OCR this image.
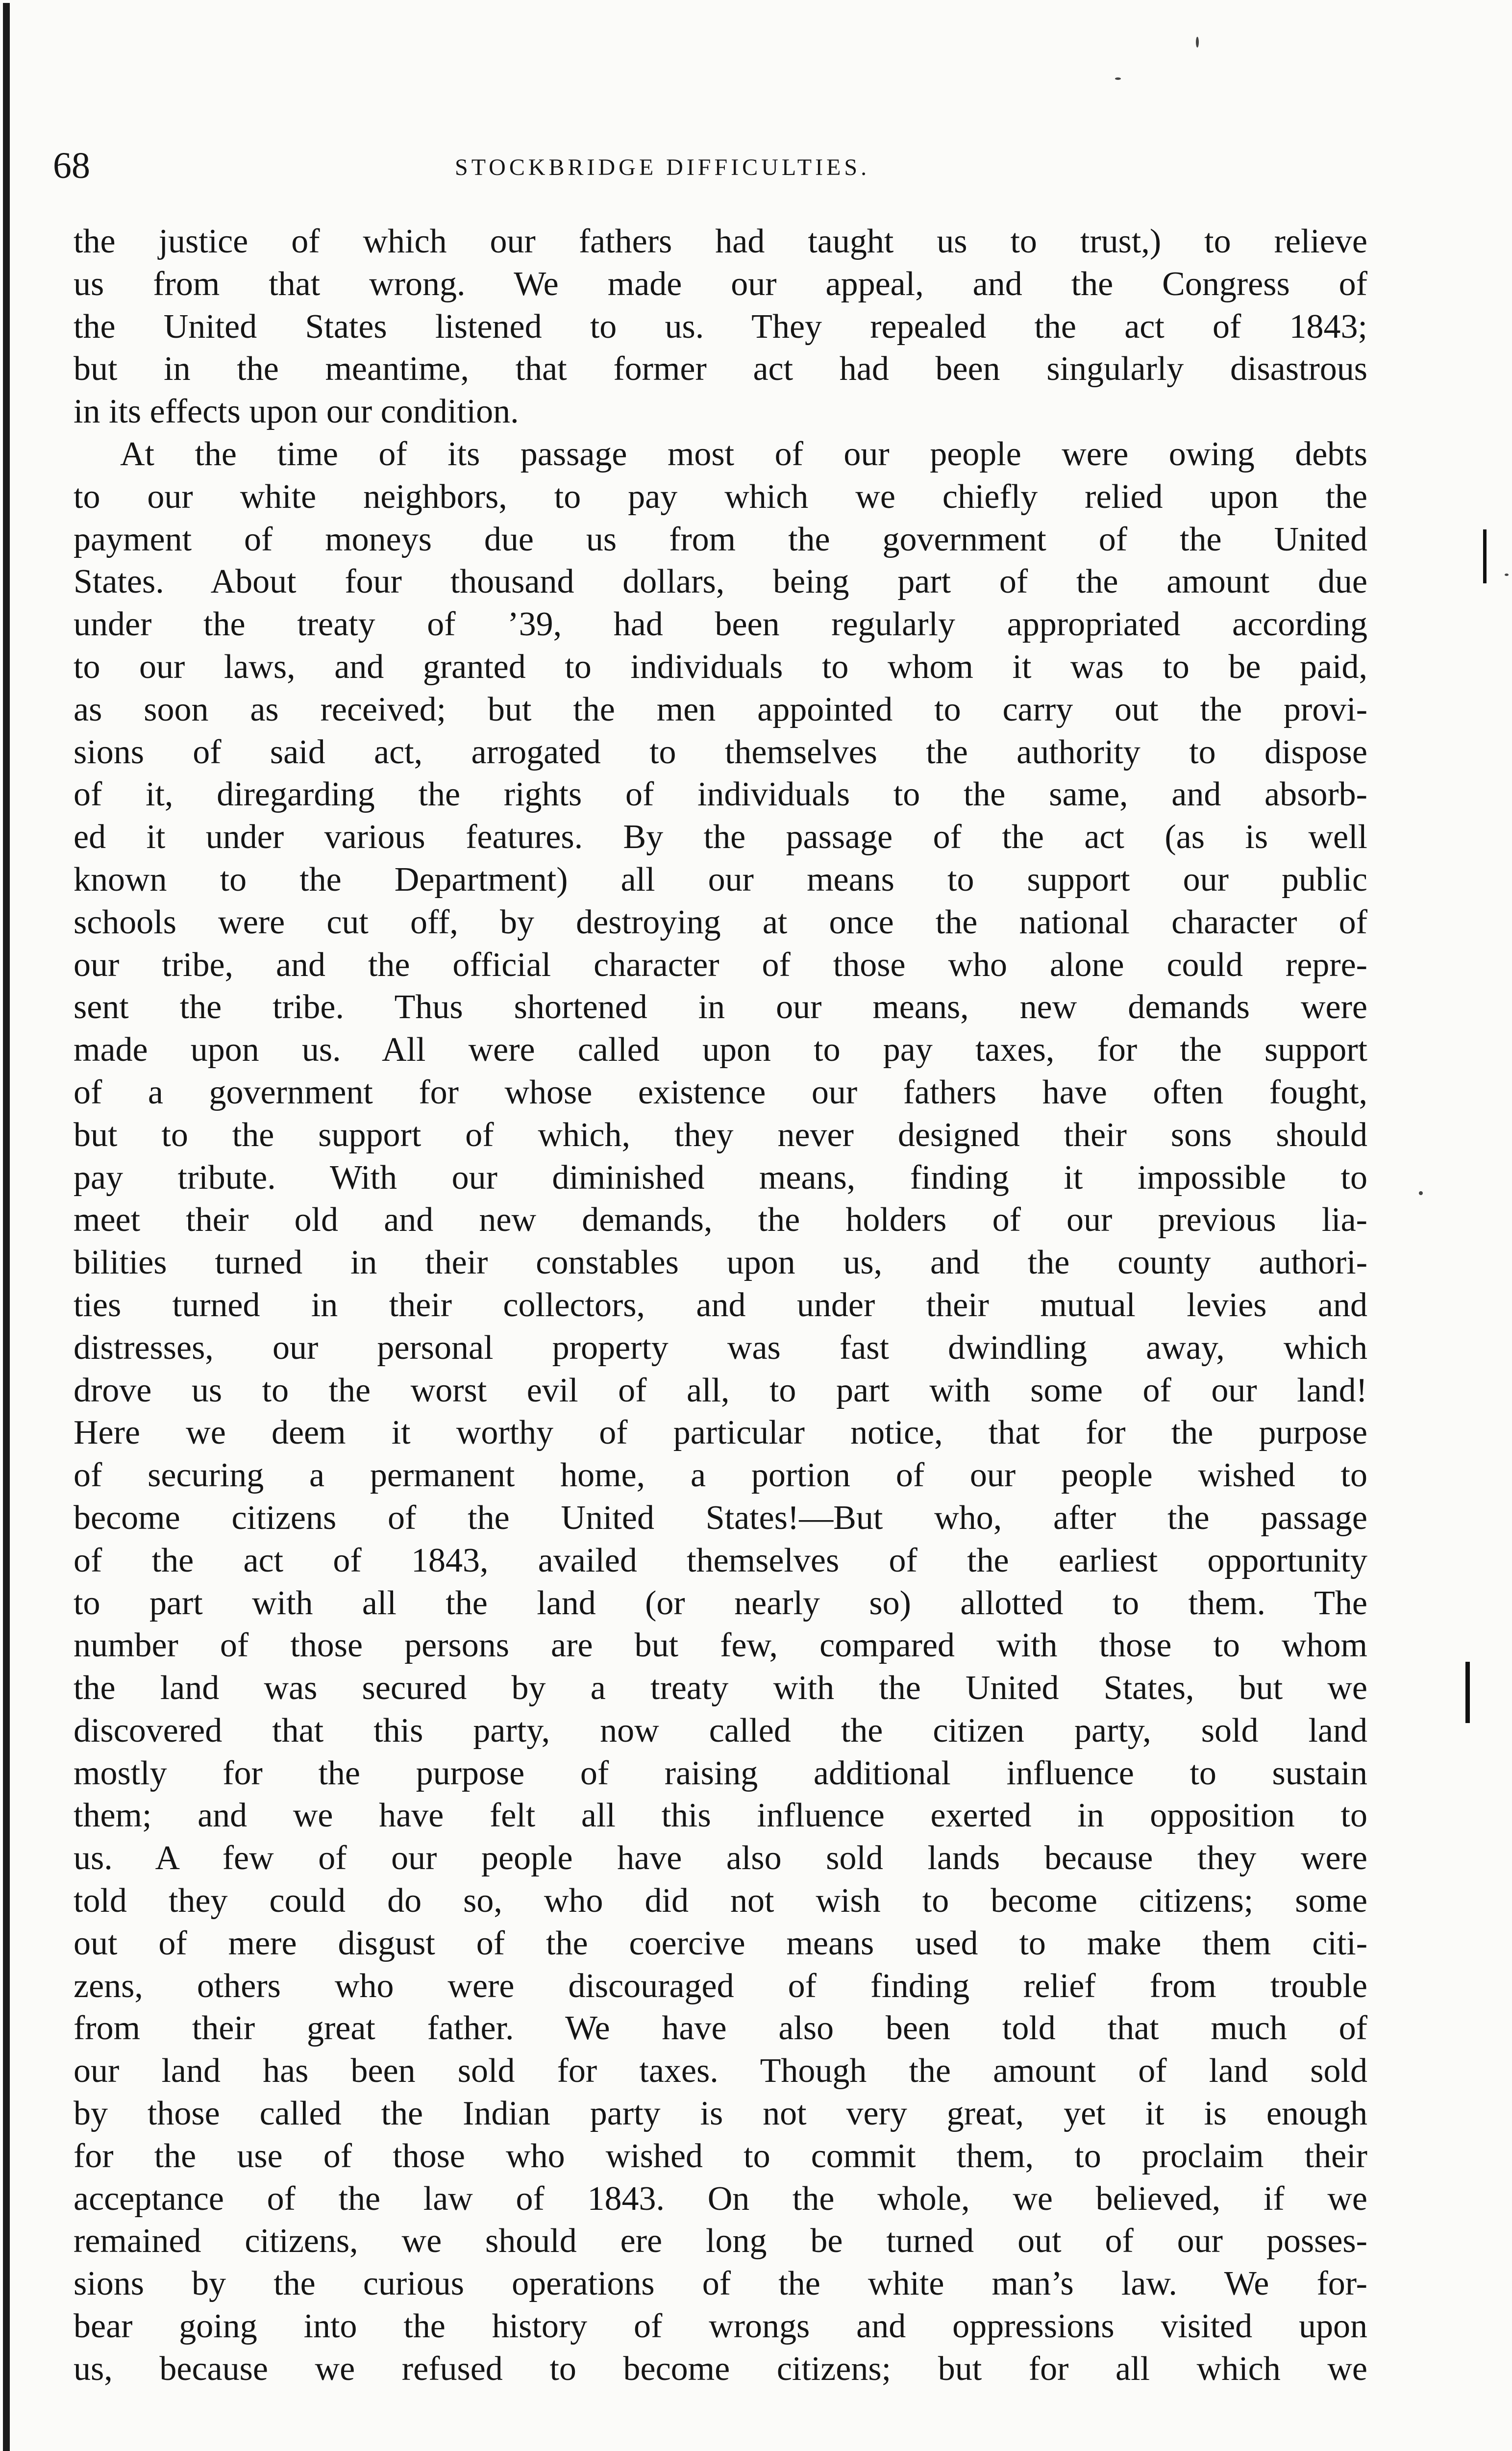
68	STOCKBRIDGE DIFFICULTIES.
the justice of which our fathers had taught us to trust,) to relieve
us from that wrong. We made our appeal, and the Congress of
the United States listened to us. They repealed the act of 1843;
but in the meantime, that former act had been singularly disastrous
in its effects upon our condition.
At the time of its passage most of our people were owing debts
to our white neighbors, to pay which we chiefly relied upon the
payment of moneys due us from the government of the United
States. About four thousand dollars, being part of the amount due
under the treaty of ’39, had been regularly appropriated according
to our laws, and granted to individuals to whom it was to be paid,
as soon as received; but the men appointed to carry out the provi-
sions of said act, arrogated to themselves the authority to dispose
of it, diregarding the rights of individuals to the same, and absorb-
ed it under various features. By the passage of the act (as is well
known to the Department) all our means to support our public
schools were cut off, by destroying at once the national character of
our tribe, and the official character of those who alone could repre-
sent the tribe. Thus shortened in our means, new demands were
made upon us. All were called upon to pay taxes, for the support
of a government for whose existence our fathers have often fought,
but to the support of which, they never designed their sons should
pay tribute. With our diminished means, finding it impossible to
meet their old and new demands, the holders of our previous lia-
bilities turned in their constables upon us, and the county authori-
ties turned in their collectors, and under their mutual levies and
distresses, our personal property was fast dwindling away, which
drove us to the worst evil of all, to part with some of our land!
Here we deem it worthy of particular notice, that for the purpose
of securing a permanent home, a portion of our people wished to
become citizens of the United States!—But who, after the passage
of the act of 1843, availed themselves of the earliest opportunity
to part with all the land (or nearly so) allotted to them. The
number of those persons are but few, compared with those to whom
the land was secured by a treaty with the United States, but we
discovered that this party, now called the citizen party, sold land
mostly for the purpose of raising additional influence to sustain
them; and we have felt all this influence exerted in opposition to
us. A few of our people have also sold lands because they were
told they could do so, who did not wish to become citizens; some
out of mere disgust of the coercive means used to make them citi-
zens, others who were discouraged of finding relief from trouble
from their great father. We have also been told that much of
our land has been sold for taxes. Though the amount of land sold
by those called the Indian party is not very great, yet it is enough
for the use of those who wished to commit them, to proclaim their
acceptance of the law of 1843. On the whole, we believed, if we
remained citizens, we should ere long be turned out of our posses-
sions by the curious operations of the white man’s law. We for-
bear going into the history of wrongs and oppressions visited upon
us, because we refused to become citizens; but for all which we
